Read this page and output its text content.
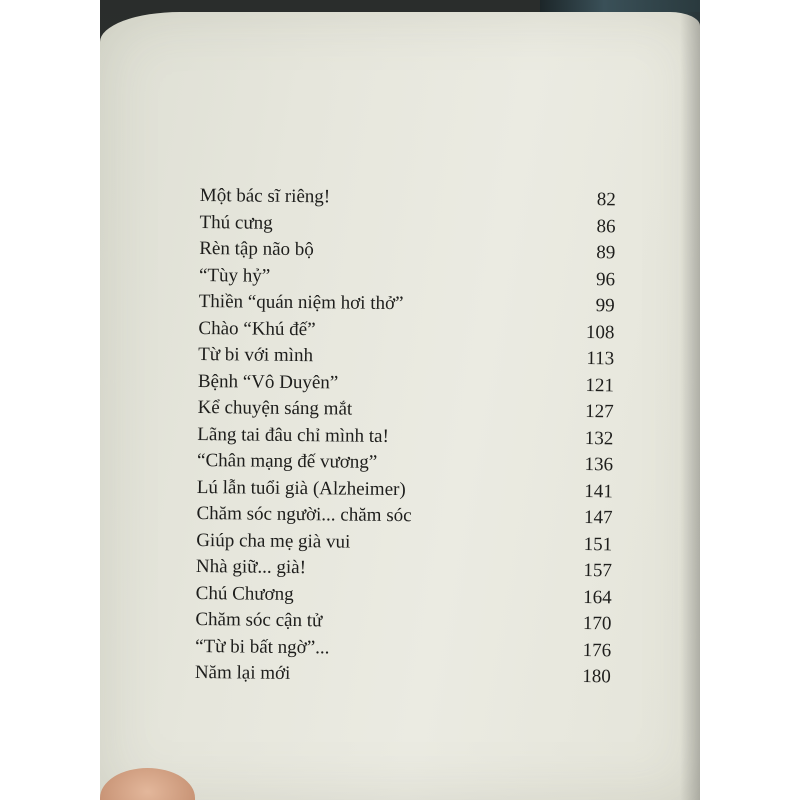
Một bác sĩ riêng!	82
Thú cưng	86
Rèn tập não bộ	89
“Tùy hỷ”	96
Thiền “quán niệm hơi thở”	99
Chào “Khú đế”	108
Từ bi với mình	113
Bệnh “Vô Duyên”	121
Kể chuyện sáng mắt	127
Lãng tai đâu chỉ mình ta!	132
“Chân mạng đế vương”	136
Lú lẫn tuổi già (Alzheimer)	141
Chăm sóc người... chăm sóc	147
Giúp cha mẹ già vui	151
Nhà giữ... già!	157
Chú Chương	164
Chăm sóc cận tử	170
“Từ bi bất ngờ”...	176
Năm lại mới	180
